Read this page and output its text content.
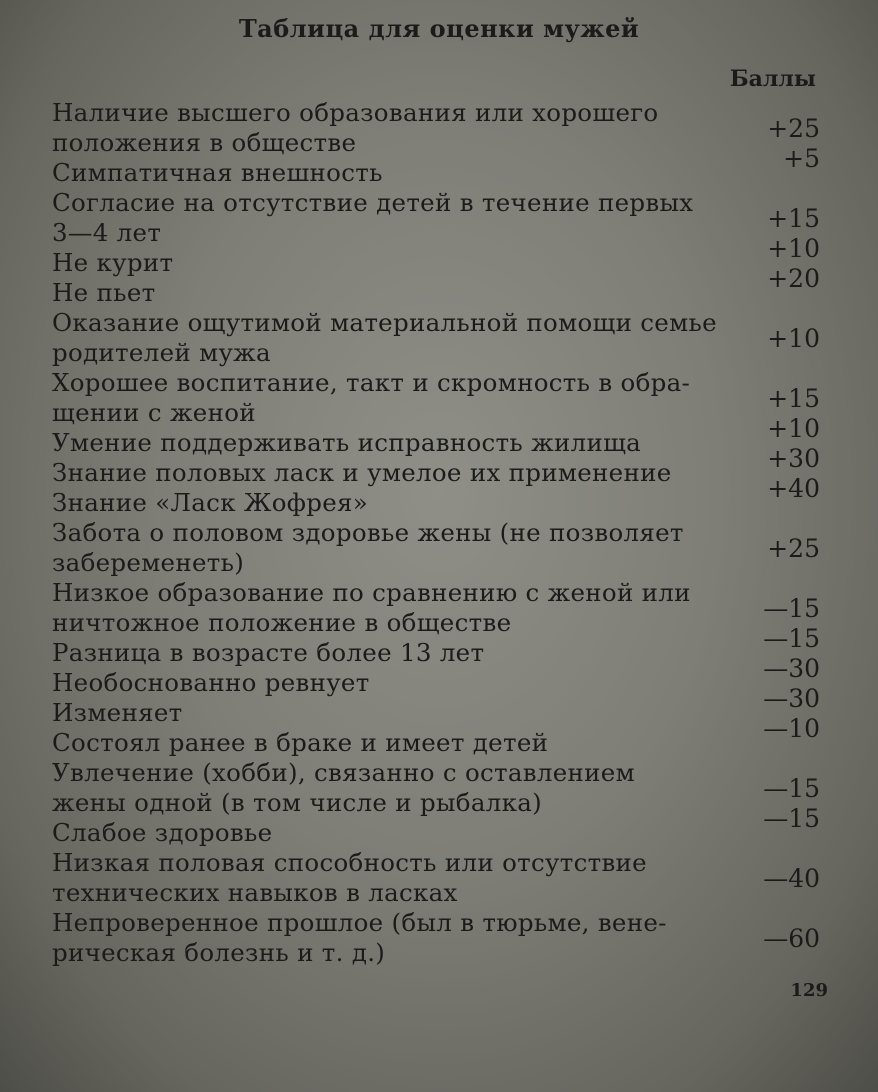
Таблица для оценки мужей
Баллы
Наличие высшего образования или хорошего
положения в обществе	+25
Симпатичная внешность	+5
Согласие на отсутствие детей в течение первых
3—4 лет	+15
Не курит	+10
Не пьет	+20
Оказание ощутимой материальной помощи семье
родителей мужа	+10
Хорошее воспитание, такт и скромность в обра-
щении с женой	+15
Умение поддерживать исправность жилища	+10
Знание половых ласк и умелое их применение	+30
Знание «Ласк Жофрея»	+40
Забота о половом здоровье жены (не позволяет
забеременеть)	+25
Низкое образование по сравнению с женой или
ничтожное положение в обществе	—15
Разница в возрасте более 13 лет	—15
Необоснованно ревнует	—30
Изменяет	—30
Состоял ранее в браке и имеет детей	—10
Увлечение (хобби), связанно с оставлением
жены одной (в том числе и рыбалка)	—15
Слабое здоровье	—15
Низкая половая способность или отсутствие
технических навыков в ласках	—40
Непроверенное прошлое (был в тюрьме, вене-
рическая болезнь и т. д.)	—60
129
